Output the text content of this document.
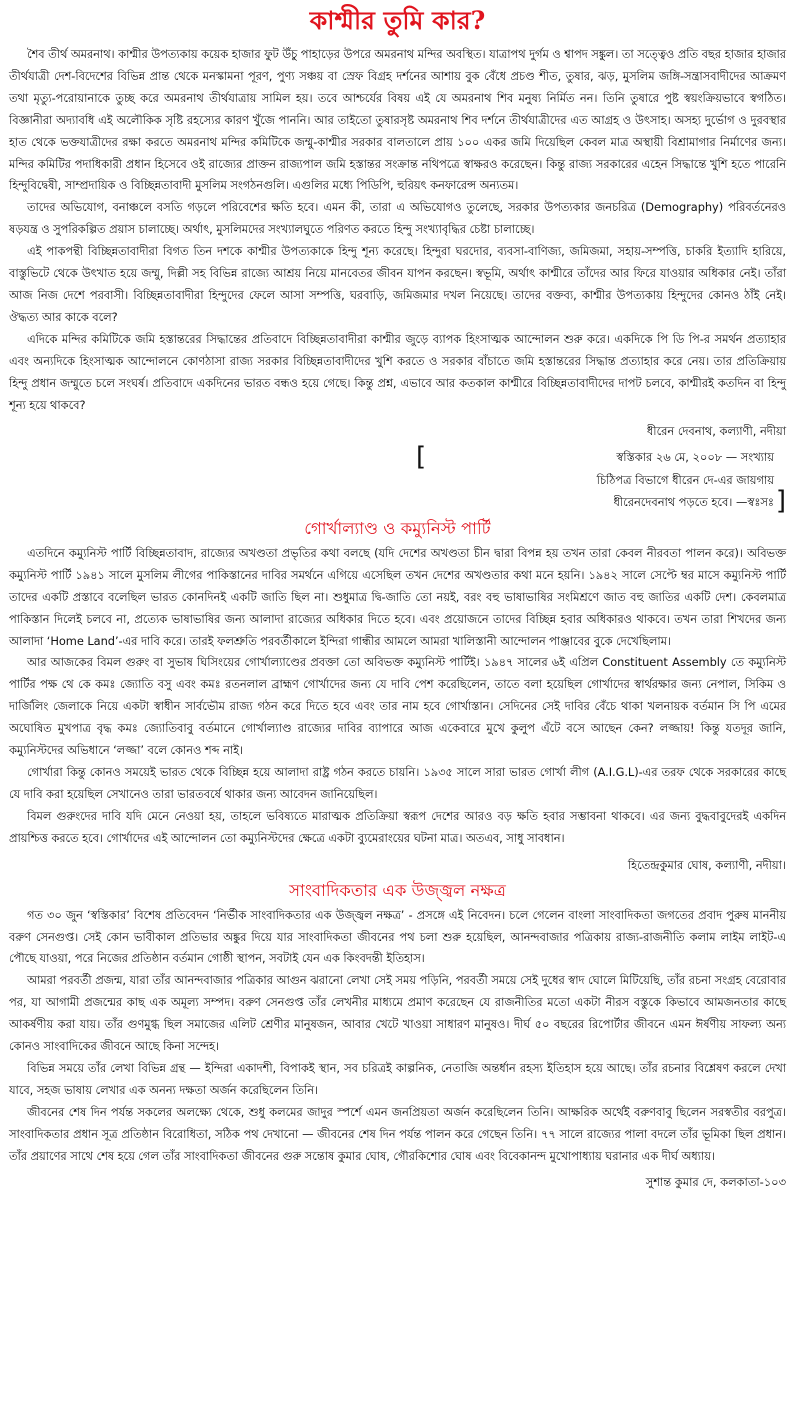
কাশ্মীর তুমি কার?

শৈব তীর্থ অমরনাথ। কাশ্মীর উপত্যকায় কয়েক হাজার ফুট উঁচু পাহাড়ের উপরে অমরনাথ মন্দির অবস্থিত। যাত্রাপথ দুর্গম ও শ্বাপদ সঙ্কুল। তা সত্ত্বেও প্রতি বছর হাজার হাজার তীর্থযাত্রী দেশ-বিদেশের বিভিন্ন প্রান্ত থেকে মনস্কামনা পূরণ, পুণ্য সঞ্চয় বা স্রেফ বিগ্রহ দর্শনের আশায় বুক বেঁধে প্রচণ্ড শীত, তুষার, ঝড়, মুসলিম জঙ্গি-সন্ত্রাসবাদীদের আক্রমণ তথা মৃত্যু-পরোয়ানাকে তুচ্ছ করে অমরনাথ তীর্থযাত্রায় সামিল হয়। তবে আশ্চর্যের বিষয় এই যে অমরনাথ শিব মনুষ্য নির্মিত নন। তিনি তুষারে পুষ্ট স্বয়ংক্রিয়ভাবে স্বগঠিত। বিজ্ঞানীরা অদ্যাবধি এই অলৌকিক সৃষ্টি রহস্যের কারণ খুঁজে পাননি। আর তাইতো তুষারসৃষ্ট অমরনাথ শিব দর্শনে তীর্থযাত্রীদের এত আগ্রহ ও উৎসাহ। অসহ্য দুর্ভোগ ও দুরবস্থার হাত থেকে ভক্তযাত্রীদের রক্ষা করতে অমরনাথ মন্দির কমিটিকে জম্মু-কাশ্মীর সরকার বালতালে প্রায় ১০০ একর জমি দিয়েছিল কেবল মাত্র অস্থায়ী বিশ্রামাগার নির্মাণের জন্য। মন্দির কমিটির পদাধিকারী প্রধান হিসেবে ওই রাজ্যের প্রাক্তন রাজ্যপাল জমি হস্তান্তর সংক্রান্ত নথিপত্রে স্বাক্ষরও করেছেন। কিন্তু রাজ্য সরকারের এহেন সিদ্ধান্তে খুশি হতে পারেনি হিন্দুবিদ্বেষী, সাম্প্রদায়িক ও বিচ্ছিন্নতাবাদী মুসলিম সংগঠনগুলি। এগুলির মধ্যে পিডিপি, হুরিয়ৎ কনফারেন্স অন্যতম।

তাদের অভিযোগ, বনাঞ্চলে বসতি গড়লে পরিবেশের ক্ষতি হবে। এমন কী, তারা এ অভিযোগও তুলেছে, সরকার উপত্যকার জনচরিত্র (Demography) পরিবর্তনেরও ষড়যন্ত্র ও সুপরিকল্পিত প্রয়াস চালাচ্ছে। অর্থাৎ, মুসলিমদের সংখ্যালঘুতে পরিণত করতে হিন্দু সংখ্যাবৃদ্ধির চেষ্টা চালাচ্ছে।

এই পাকপন্থী বিচ্ছিন্নতাবাদীরা বিগত তিন দশকে কাশ্মীর উপত্যকাকে হিন্দু শূন্য করেছে। হিন্দুরা ঘরদোর, ব্যবসা-বাণিজ্য, জমিজমা, সহায়-সম্পত্তি, চাকরি ইত্যাদি হারিয়ে, বাস্তুভিটে থেকে উৎখাত হয়ে জম্মু, দিল্লী সহ বিভিন্ন রাজ্যে আশ্রয় নিয়ে মানবেতর জীবন যাপন করছেন। স্বভূমি, অর্থাৎ কাশ্মীরে তাঁদের আর ফিরে যাওয়ার অধিকার নেই। তাঁরা আজ নিজ দেশে পরবাসী। বিচ্ছিন্নতাবাদীরা হিন্দুদের ফেলে আসা সম্পত্তি, ঘরবাড়ি, জমিজমার দখল নিয়েছে। তাদের বক্তব্য, কাশ্মীর উপত্যকায় হিন্দুদের কোনও ঠাঁই নেই। ঔদ্ধত্য আর কাকে বলে?

এদিকে মন্দির কমিটিকে জমি হস্তান্তরের সিদ্ধান্তের প্রতিবাদে বিচ্ছিন্নতাবাদীরা কাশ্মীর জুড়ে ব্যাপক হিংসাত্মক আন্দোলন শুরু করে। একদিকে পি ডি পি-র সমর্থন প্রত্যাহার এবং অন্যদিকে হিংসাত্মক আন্দোলনে কোণঠাসা রাজ্য সরকার বিচ্ছিন্নতাবাদীদের খুশি করতে ও সরকার বাঁচাতে জমি হস্তান্তরের সিদ্ধান্ত প্রত্যাহার করে নেয়। তার প্রতিক্রিয়ায় হিন্দু প্রধান জম্মুতে চলে সংঘর্ষ। প্রতিবাদে একদিনের ভারত বন্ধও হয়ে গেছে। কিন্তু প্রশ্ন, এভাবে আর কতকাল কাশ্মীরে বিচ্ছিন্নতাবাদীদের দাপট চলবে, কাশ্মীরই কতদিন বা হিন্দু শূন্য হয়ে থাকবে?

ধীরেন দেবনাথ, কল্যাণী, নদীয়া

[	স্বস্তিকার ২৬ মে, ২০০৮ — সংখ্যায়
চিঠিপত্র বিভাগে ধীরেন দে-এর জায়গায়
ধীরেনদেবনাথ পড়তে হবে। —স্বঃসঃ ]
গোর্খাল্যাণ্ড ও কম্যুনিস্ট পার্টি

এতদিনে কম্যুনিস্ট পার্টি বিচ্ছিন্নতাবাদ, রাজ্যের অখণ্ডতা প্রভৃতির কথা বলছে (যদি দেশের অখণ্ডতা চীন দ্বারা বিপন্ন হয় তখন তারা কেবল নীরবতা পালন করে)। অবিভক্ত কম্যুনিস্ট পার্টি ১৯৪১ সালে মুসলিম লীগের পাকিস্তানের দাবির সমর্থনে এগিয়ে এসেছিল তখন দেশের অখণ্ডতার কথা মনে হয়নি। ১৯৪২ সালে সেপ্টে ম্বর মাসে কম্যুনিস্ট পার্টি তাদের একটি প্রস্তাবে বলেছিল ভারত কোনদিনই একটি জাতি ছিল না। শুধুমাত্র দ্বি-জাতি তো নয়ই, বরং বহু ভাষাভাষির সংমিশ্রণে জাত বহু জাতির একটি দেশ। কেবলমাত্র পাকিস্তান দিলেই চলবে না, প্রত্যেক ভাষাভাষির জন্য আলাদা রাজ্যের অধিকার দিতে হবে। এবং প্রয়োজনে তাদের বিচ্ছিন্ন হবার অধিকারও থাকবে। তখন তারা শিখদের জন্য আলাদা ‘Home Land’-এর দাবি করে। তারই ফলশ্রুতি পরবর্তীকালে ইন্দিরা গান্ধীর আমলে আমরা খালিস্তানী আন্দোলন পাঞ্জাবের বুকে দেখেছিলাম।

আর আজকের বিমল গুরুং বা সুভাষ ঘিসিংয়ের গোর্খাল্যাণ্ডের প্রবক্তা তো অবিভক্ত কম্যুনিস্ট পার্টিই। ১৯৪৭ সালের ৬ই এপ্রিল Constituent Assembly তে কম্যুনিস্ট পার্টির পক্ষ থে কে কমঃ জ্যোতি বসু এবং কমঃ রতনলাল ব্রাহ্মণ গোর্খাদের জন্য যে দাবি পেশ করেছিলেন, তাতে বলা হয়েছিল গোর্খাদের স্বার্থরক্ষার জন্য নেপাল, সিকিম ও দার্জিলিং জেলাকে নিয়ে একটা স্বাধীন সার্বভৌম রাজ্য গঠন করে দিতে হবে এবং তার নাম হবে গোর্খাস্তান। সেদিনের সেই দাবির বেঁচে থাকা খলনায়ক বর্তমান সি পি এমের অঘোষিত মুখপাত্র বৃদ্ধ কমঃ জ্যোতিবাবু বর্তমানে গোর্খাল্যাণ্ড রাজ্যের দাবির ব্যাপারে আজ একেবারে মুখে কুলুপ এঁটে বসে আছেন কেন? লজ্জায়! কিন্তু যতদূর জানি, কম্যুনিস্টদের অভিধানে ‘লজ্জা’ বলে কোনও শব্দ নাই।

গোর্খারা কিন্তু কোনও সময়েই ভারত থেকে বিচ্ছিন্ন হয়ে আলাদা রাষ্ট্র গঠন করতে চায়নি। ১৯৩৫ সালে সারা ভারত গোর্খা লীগ (A.I.G.L)-এর তরফ থেকে সরকারের কাছে যে দাবি করা হয়েছিল সেখানেও তারা ভারতবর্ষে থাকার জন্য আবেদন জানিয়েছিল।

বিমল গুরুংদের দাবি যদি মেনে নেওয়া হয়, তাহলে ভবিষ্যতে মারাত্মক প্রতিক্রিয়া স্বরূপ দেশের আরও বড় ক্ষতি হবার সম্ভাবনা থাকবে। এর জন্য বুদ্ধবাবুদেরই একদিন প্রায়শ্চিত্ত করতে হবে। গোর্খাদের এই আন্দোলন তো কম্যুনিস্টদের ক্ষেত্রে একটা ব্যুমেরাংয়ের ঘটনা মাত্র। অতএব, সাধু সাবধান।

হিতেন্দ্রকুমার ঘোষ, কল্যাণী, নদীয়া।

সাংবাদিকতার এক উজ্জ্বল নক্ষত্র

গত ৩০ জুন ‘স্বস্তিকার’ বিশেষ প্রতিবেদন ‘নির্ভীক সাংবাদিকতার এক উজ্জ্বল নক্ষত্র’ - প্রসঙ্গে এই নিবেদন। চলে গেলেন বাংলা সাংবাদিকতা জগতের প্রবাদ পুরুষ মাননীয় বরুণ সেনগুপ্ত। সেই কোন ভাবীকাল প্রতিভার অঙ্কুর দিয়ে যার সাংবাদিকতা জীবনের পথ চলা শুরু হয়েছিল, আনন্দবাজার পত্রিকায় রাজ্য-রাজনীতি কলাম লাইম লাইট-এ পৌছে যাওয়া, পরে নিজের প্রতিষ্ঠান বর্তমান গোষ্ঠী স্থাপন, সবটাই যেন এক কিংবদন্তী ইতিহাস।

আমরা পরবর্তী প্রজন্ম, যারা তাঁর আনন্দবাজার পত্রিকার আগুন ঝরানো লেখা সেই সময় পড়িনি, পরবর্তী সময়ে সেই দুধের স্বাদ ঘোলে মিটিয়েছি, তাঁর রচনা সংগ্রহ বেরোবার পর, যা আগামী প্রজন্মের কাছ এক অমূল্য সম্পদ। বরুণ সেনগুপ্ত তাঁর লেখনীর মাধ্যমে প্রমাণ করেছেন যে রাজনীতির মতো একটা নীরস বস্তুকে কিভাবে আমজনতার কাছে আকর্ষণীয় করা যায়। তাঁর গুণমুগ্ধ ছিল সমাজের এলিট শ্রেণীর মানুষজন, আবার খেটে খাওয়া সাধারণ মানুষও। দীর্ঘ ৫০ বছরের রিপোর্টার জীবনে এমন ঈর্ষণীয় সাফল্য অন্য কোনও সাংবাদিকের জীবনে আছে কিনা সন্দেহ।

বিভিন্ন সময়ে তাঁর লেখা বিভিন্ন গ্রন্থ — ইন্দিরা একাদশী, বিপাকই স্থান, সব চরিত্রই কাল্পনিক, নেতাজি অন্তর্ধান রহস্য ইতিহাস হয়ে আছে। তাঁর রচনার বিশ্লেষণ করলে দেখা যাবে, সহজ ভাষায় লেখার এক অনন্য দক্ষতা অর্জন করেছিলেন তিনি।

জীবনের শেষ দিন পর্যন্ত সকলের অলক্ষ্যে থেকে, শুধু কলমের জাদুর স্পর্শে এমন জনপ্রিয়তা অর্জন করেছিলেন তিনি। আক্ষরিক অর্থেই বরুণবাবু ছিলেন সরস্বতীর বরপুত্র। সাংবাদিকতার প্রধান সূত্র প্রতিষ্ঠান বিরোধিতা, সঠিক পথ দেখানো — জীবনের শেষ দিন পর্যন্ত পালন করে গেছেন তিনি। ৭৭ সালে রাজ্যের পালা বদলে তাঁর ভূমিকা ছিল প্রধান। তাঁর প্রয়াণের সাথে শেষ হয়ে গেল তাঁর সাংবাদিকতা জীবনের গুরু সন্তোষ কুমার ঘোষ, গৌরকিশোর ঘোষ এবং বিবেকানন্দ মুখোপাধ্যায় ঘরানার এক দীর্ঘ অধ্যায়।

সুশান্ত কুমার দে, কলকাতা-১০৩
